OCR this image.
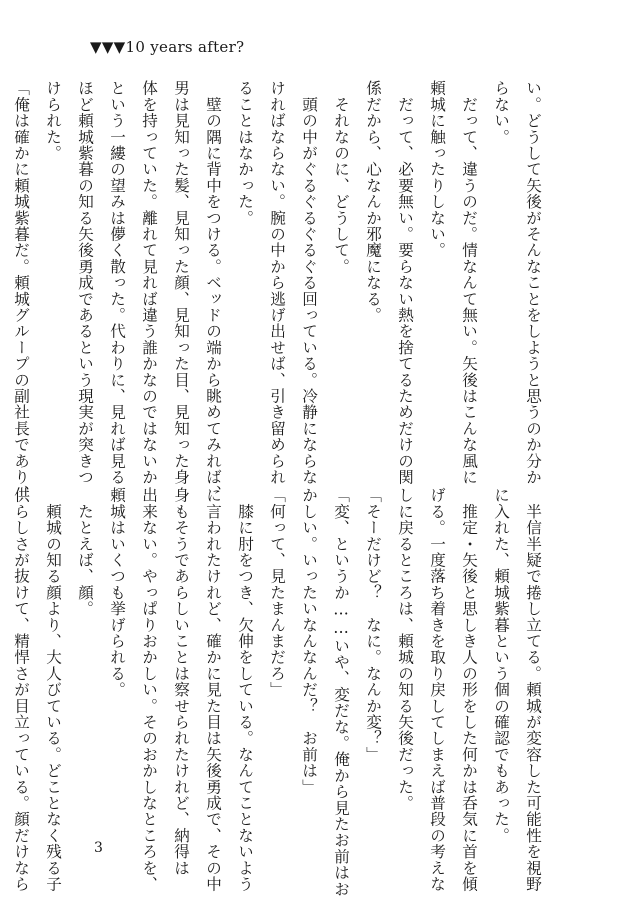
▼▼▼10 years after?
い。どうして矢後がそんなことをしようと思うのか分か
らない。
　だって、違うのだ。情なんて無い。矢後はこんな風に
頼城に触ったりしない。
　だって、必要無い。要らない熱を捨てるためだけの関
係だから、心なんか邪魔になる。
　それなのに、どうして。
　頭の中がぐるぐるぐるぐる回っている。冷静にならな
ければならない。腕の中から逃げ出せば、引き留められ
ることはなかった。
　壁の隅に背中をつける。ベッドの端から眺めてみれば、
男は見知った髪、見知った顔、見知った目、見知った身
体を持っていた。離れて見れば違う誰かなのではないか
という一縷の望みは儚く散った。代わりに、見れば見る
ほど頼城紫暮の知る矢後勇成であるという現実が突きつ
けられた。
「俺は確かに頼城紫暮だ。頼城グループの副社長であり、
　半信半疑で捲し立てる。頼城が変容した可能性を視野
に入れた、頼城紫暮という個の確認でもあった。
　推定・矢後と思しき人の形をした何かは呑気に首を傾
げる。一度落ち着きを取り戻してしまえば普段の考えな
しに戻るところは、頼城の知る矢後だった。
「そーだけど？　なに。なんか変？」
「変、というか……いや、変だな。俺から見たお前はお
かしい。いったいなんなんだ？　お前は」
「何って、見たまんまだろ」
　膝に肘をつき、欠伸をしている。なんてことないよう
に言われたけれど、確かに見た目は矢後勇成で、その中
身もそうであらしいことは察せられたけれど、納得は
出来ない。やっぱりおかしい。そのおかしなところを、
頼城はいくつも挙げられる。
　たとえば、顔。
　頼城の知る顔より、大人びている。どことなく残る子
供らしさが抜けて、精悍さが目立っている。顔だけなら	3
